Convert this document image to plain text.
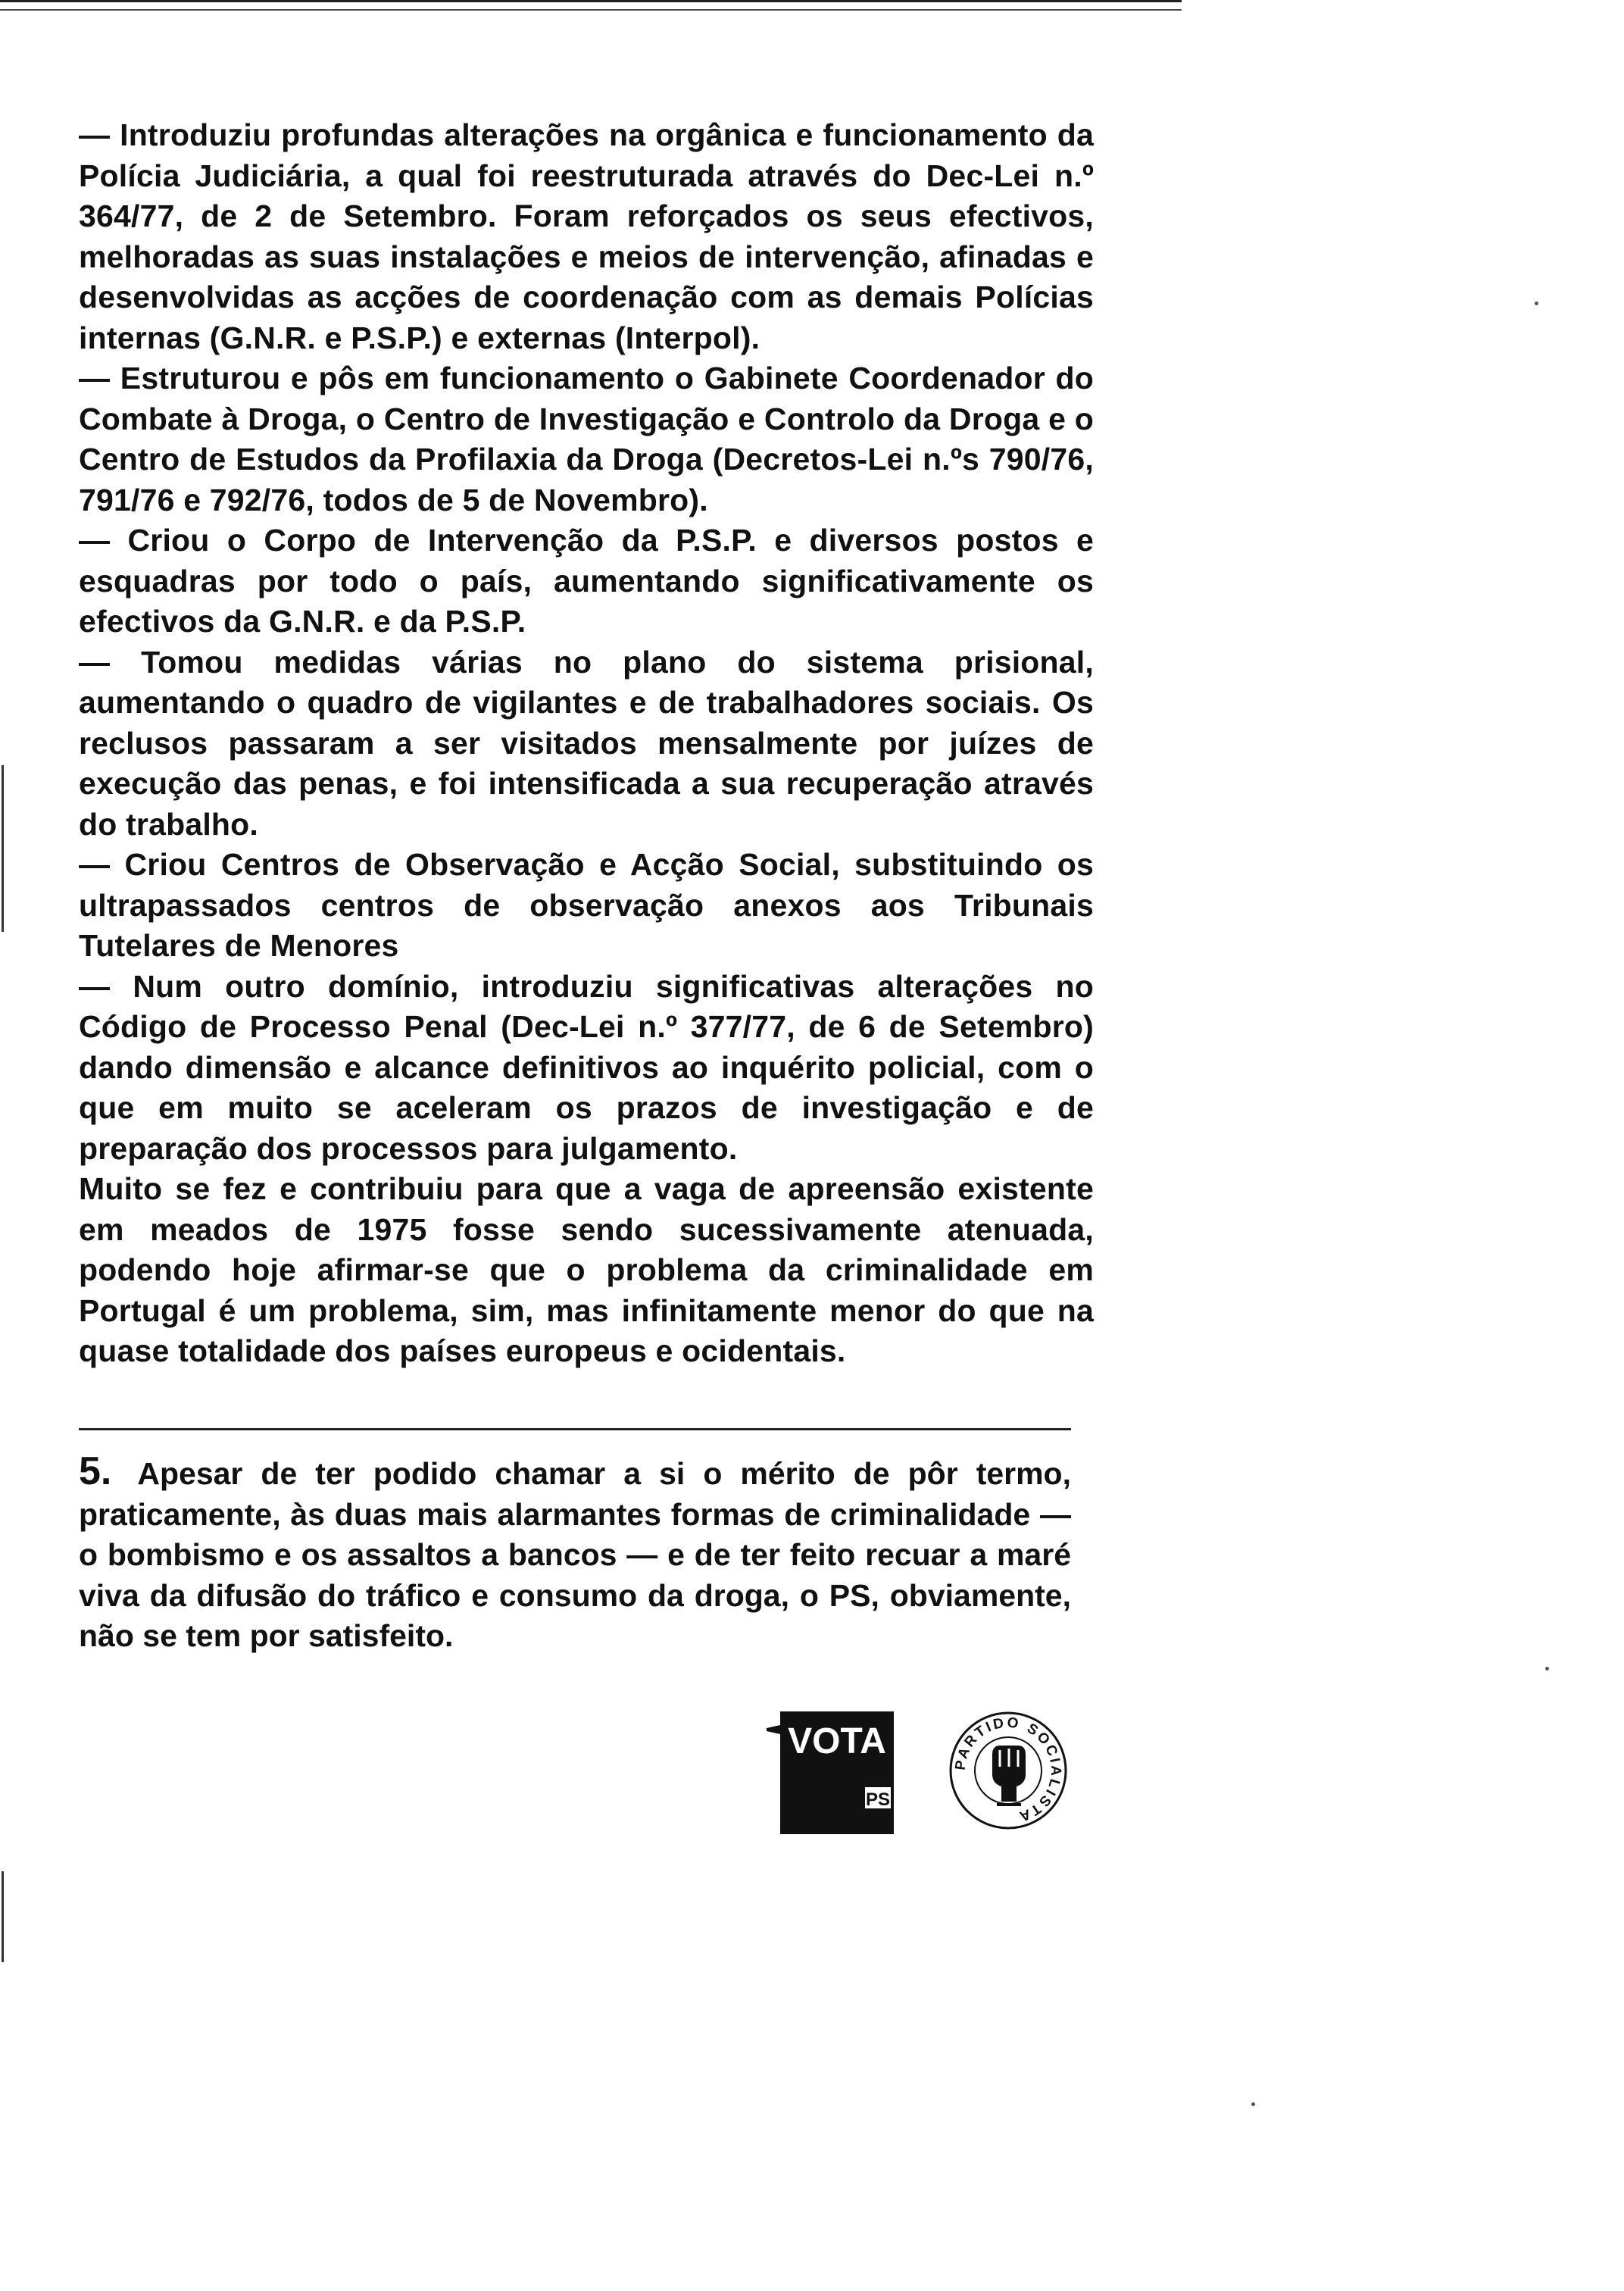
— Introduziu profundas alterações na orgânica e funcionamento da Polícia Judiciária, a qual foi reestruturada através do Dec-Lei n.º 364/77, de 2 de Setembro. Foram reforçados os seus efectivos, melhoradas as suas instalações e meios de intervenção, afinadas e desenvolvidas as acções de coordenação com as demais Polícias internas (G.N.R. e P.S.P.) e externas (Interpol).

— Estruturou e pôs em funcionamento o Gabinete Coordenador do Combate à Droga, o Centro de Investigação e Controlo da Droga e o Centro de Estudos da Profilaxia da Droga (Decretos-Lei n.ºs 790/76, 791/76 e 792/76, todos de 5 de Novembro).

— Criou o Corpo de Intervenção da P.S.P. e diversos postos e esquadras por todo o país, aumentando significativamente os efectivos da G.N.R. e da P.S.P.

— Tomou medidas várias no plano do sistema prisional, aumentando o quadro de vigilantes e de trabalhadores sociais. Os reclusos passaram a ser visitados mensalmente por juízes de execução das penas, e foi intensificada a sua recuperação através do trabalho.

— Criou Centros de Observação e Acção Social, substituindo os ultrapassados centros de observação anexos aos Tribunais Tutelares de Menores

— Num outro domínio, introduziu significativas alterações no Código de Processo Penal (Dec-Lei n.º 377/77, de 6 de Setembro) dando dimensão e alcance definitivos ao inquérito policial, com o que em muito se aceleram os prazos de investigação e de preparação dos processos para julgamento.

Muito se fez e contribuiu para que a vaga de apreensão existente em meados de 1975 fosse sendo sucessivamente atenuada, podendo hoje afirmar-se que o problema da criminalidade em Portugal é um problema, sim, mas infinitamente menor do que na quase totalidade dos países europeus e ocidentais.

5. Apesar de ter podido chamar a si o mérito de pôr termo, praticamente, às duas mais alarmantes formas de criminalidade — o bombismo e os assaltos a bancos — e de ter feito recuar a maré viva da difusão do tráfico e consumo da droga, o PS, obviamente, não se tem por satisfeito.
VOTA
PS
PARTIDO SOCIALISTA
